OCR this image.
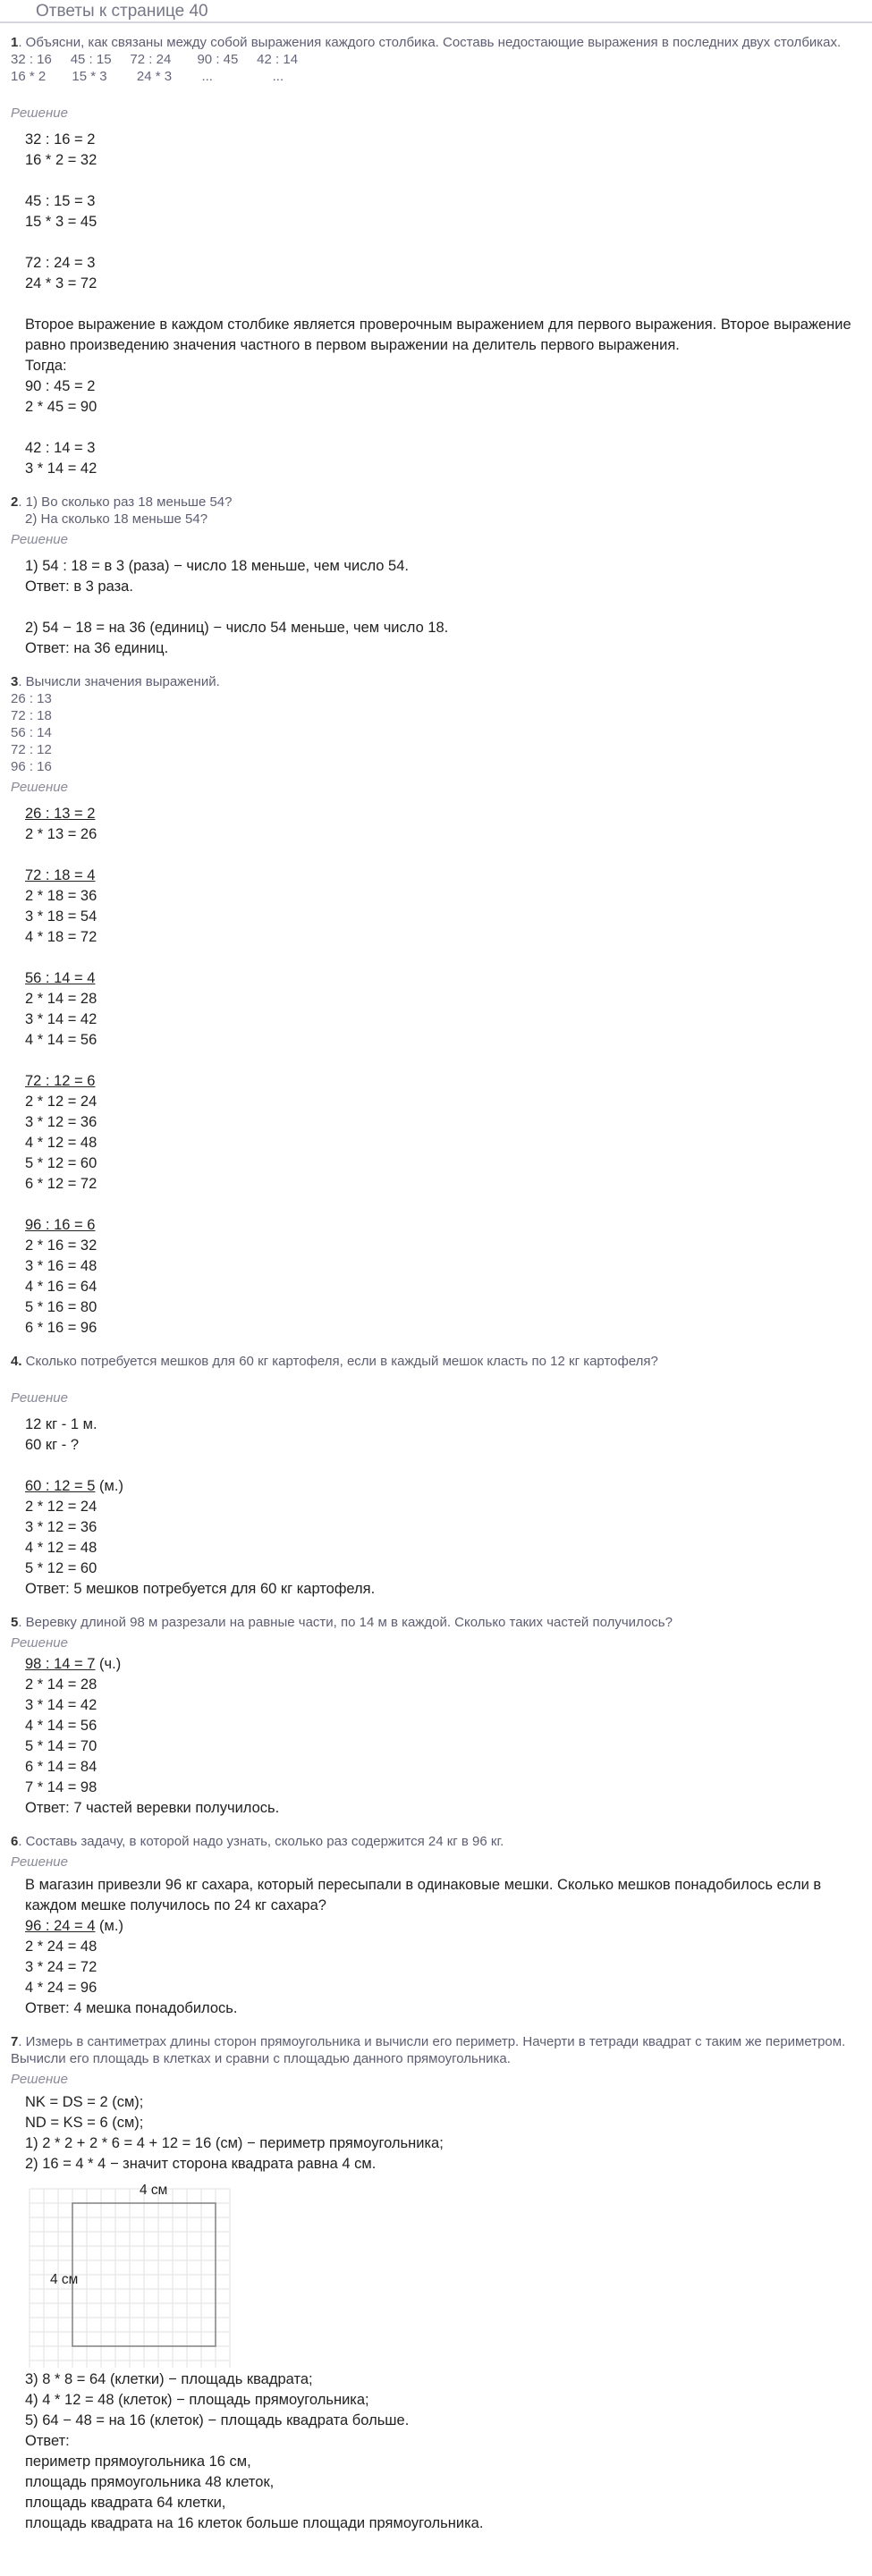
Ответы к странице 40
1. Объясни, как связаны между собой выражения каждого столбика. Составь недостающие выражения в последних двух столбиках.
32 : 16     45 : 15     72 : 24       90 : 45     42 : 14
16 * 2       15 * 3        24 * 3        ...                ...
Решение
32 : 16 = 2
16 * 2 = 32
45 : 15 = 3
15 * 3 = 45
72 : 24 = 3
24 * 3 = 72
Второе выражение в каждом столбике является проверочным выражением для первого выражения. Второе выражение равно произведению значения частного в первом выражении на делитель первого выражения.
Тогда:
90 : 45 = 2
2 * 45 = 90
42 : 14 = 3
3 * 14 = 42
2. 1) Во сколько раз 18 меньше 54?
2) На сколько 18 меньше 54?
Решение
1) 54 : 18 = в 3 (раза) − число 18 меньше, чем число 54.
Ответ: в 3 раза.
2) 54 − 18 = на 36 (единиц) − число 54 меньше, чем число 18.
Ответ: на 36 единиц.
3. Вычисли значения выражений.
26 : 13
72 : 18
56 : 14
72 : 12
96 : 16
Решение
26 : 13 = 2
2 * 13 = 26
72 : 18 = 4
2 * 18 = 36
3 * 18 = 54
4 * 18 = 72
56 : 14 = 4
2 * 14 = 28
3 * 14 = 42
4 * 14 = 56
72 : 12 = 6
2 * 12 = 24
3 * 12 = 36
4 * 12 = 48
5 * 12 = 60
6 * 12 = 72
96 : 16 = 6
2 * 16 = 32
3 * 16 = 48
4 * 16 = 64
5 * 16 = 80
6 * 16 = 96
4. Сколько потребуется мешков для 60 кг картофеля, если в каждый мешок класть по 12 кг картофеля?
Решение
12 кг - 1 м.
60 кг - ?
60 : 12 = 5 (м.)
2 * 12 = 24
3 * 12 = 36
4 * 12 = 48
5 * 12 = 60
Ответ: 5 мешков потребуется для 60 кг картофеля.
5. Веревку длиной 98 м разрезали на равные части, по 14 м в каждой. Сколько таких частей получилось?
Решение
98 : 14 = 7 (ч.)
2 * 14 = 28
3 * 14 = 42
4 * 14 = 56
5 * 14 = 70
6 * 14 = 84
7 * 14 = 98
Ответ: 7 частей веревки получилось.
6. Составь задачу, в которой надо узнать, сколько раз содержится 24 кг в 96 кг.
Решение
В магазин привезли 96 кг сахара, который пересыпали в одинаковые мешки. Сколько мешков понадобилось если в каждом мешке получилось по 24 кг сахара?
96 : 24 = 4 (м.)
2 * 24 = 48
3 * 24 = 72
4 * 24 = 96
Ответ: 4 мешка понадобилось.
7. Измерь в сантиметрах длины сторон прямоугольника и вычисли его периметр. Начерти в тетради квадрат с таким же периметром. Вычисли его площадь в клетках и сравни с площадью данного прямоугольника.
Решение
NK = DS = 2 (см);
ND = KS = 6 (см);
1) 2 * 2 + 2 * 6 = 4 + 12 = 16 (см) − периметр прямоугольника;
2) 16 = 4 * 4 − значит сторона квадрата равна 4 см.
4 см
4 см
3) 8 * 8 = 64 (клетки) − площадь квадрата;
4) 4 * 12 = 48 (клеток) − площадь прямоугольника;
5) 64 − 48 = на 16 (клеток) − площадь квадрата больше.
Ответ:
периметр прямоугольника 16 см,
площадь прямоугольника 48 клеток,
площадь квадрата 64 клетки,
площадь квадрата на 16 клеток больше площади прямоугольника.
